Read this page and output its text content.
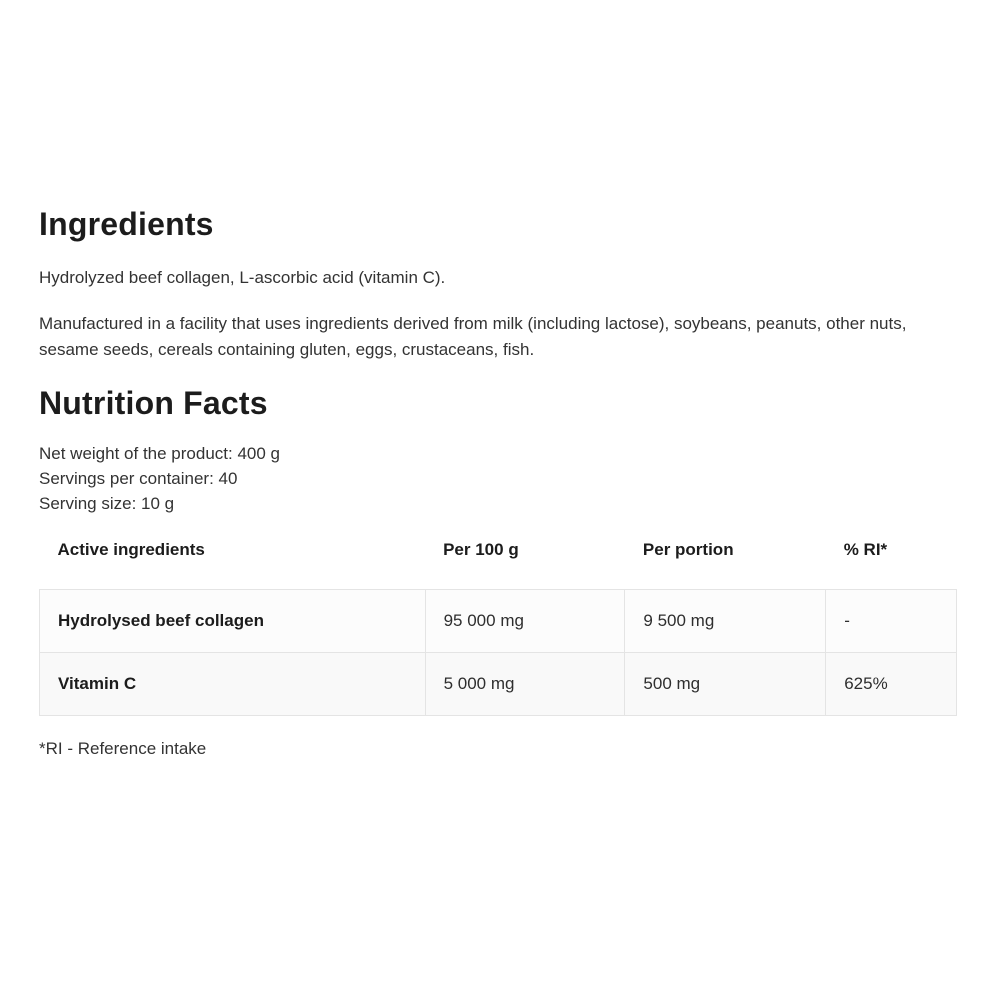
Ingredients

Hydrolyzed beef collagen, L-ascorbic acid (vitamin C).

Manufactured in a facility that uses ingredients derived from milk (including lactose), soybeans, peanuts, other nuts, sesame seeds, cereals containing gluten, eggs, crustaceans, fish.

Nutrition Facts
Net weight of the product: 400 g
Servings per container: 40
Serving size: 10 g
Active ingredients	Per 100 g	Per portion	% RI*
Hydrolysed beef collagen	95 000 mg	9 500 mg	-
Vitamin C	5 000 mg	500 mg	625%
*RI - Reference intake
